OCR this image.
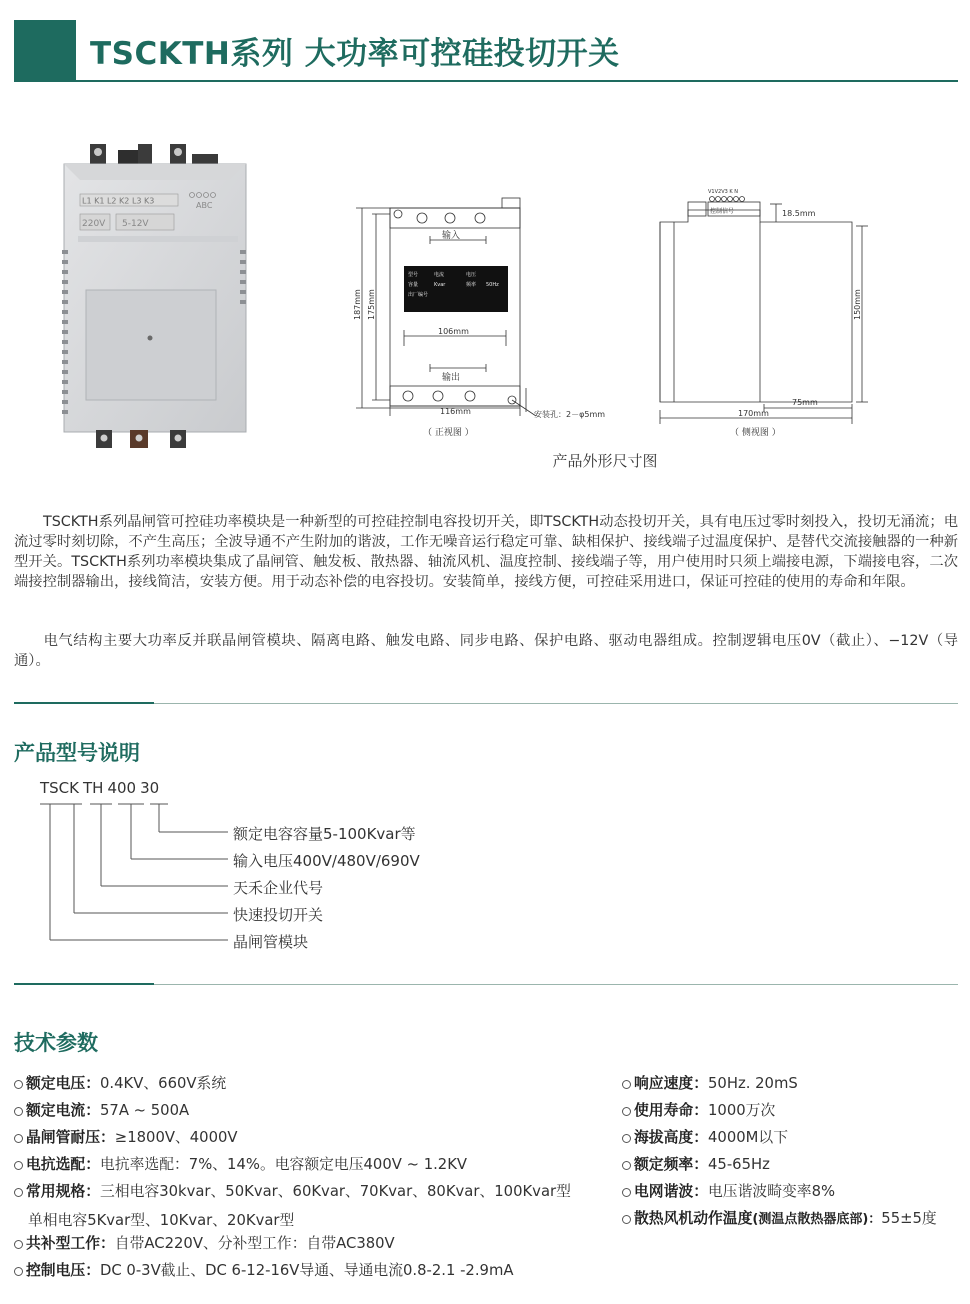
TSCKTH系列 大功率可控硅投切开关
L1 K1 L2 K2 L3 K3
220V 5-12V
ABC
型号	电流	电压
容量	Kvar	频率 50Hz
出厂编号
输入
输出
106mm
116mm	安装孔：2－φ5mm
（ 正视图 ）
187mm 175mm
V1V2V3 K N
控制信号	18.5mm
150mm
75mm
170mm
（ 侧视图 ）
产品外形尺寸图
TSCKTH系列晶闸管可控硅功率模块是一种新型的可控硅控制电容投切开关，即TSCKTH动态投切开关，具有电压过零时刻投入，投切无涌流；电流过零时刻切除，不产生高压；全波导通不产生附加的谐波，工作无噪音运行稳定可靠、缺相保护、接线端子过温度保护、是替代交流接触器的一种新型开关。TSCKTH系列功率模块集成了晶闸管、触发板、散热器、轴流风机、温度控制、接线端子等，用户使用时只须上端接电源，下端接电容，二次端接控制器输出，接线简洁，安装方便。用于动态补偿的电容投切。安装简单，接线方便，可控硅采用进口，保证可控硅的使用的寿命和年限。
电气结构主要大功率反并联晶闸管模块、隔离电路、触发电路、同步电路、保护电路、驱动电器组成。控制逻辑电压0V（截止）、−12V（导通）。
产品型号说明
TSCK TH 400 30
额定电容容量5-100Kvar等
输入电压400V/480V/690V
天禾企业代号
快速投切开关
晶闸管模块
技术参数
额定电压：0.4KV、660V系统
额定电流：57A ~ 500A
晶闸管耐压：≥1800V、4000V
电抗选配：电抗率选配：7%、14%。电容额定电压400V ~ 1.2KV
常用规格：三相电容30kvar、50Kvar、60Kvar、70Kvar、80Kvar、100Kvar型
单相电容5Kvar型、10Kvar、20Kvar型
共补型工作：自带AC220V、分补型工作：自带AC380V
控制电压：DC 0-3V截止、DC 6-12-16V导通、导通电流0.8-2.1 -2.9mA
响应速度：50Hz. 20mS
使用寿命：1000万次
海拔高度：4000M以下
额定频率：45-65Hz
电网谐波：电压谐波畸变率8%
散热风机动作温度(测温点散热器底部)：55±5度
